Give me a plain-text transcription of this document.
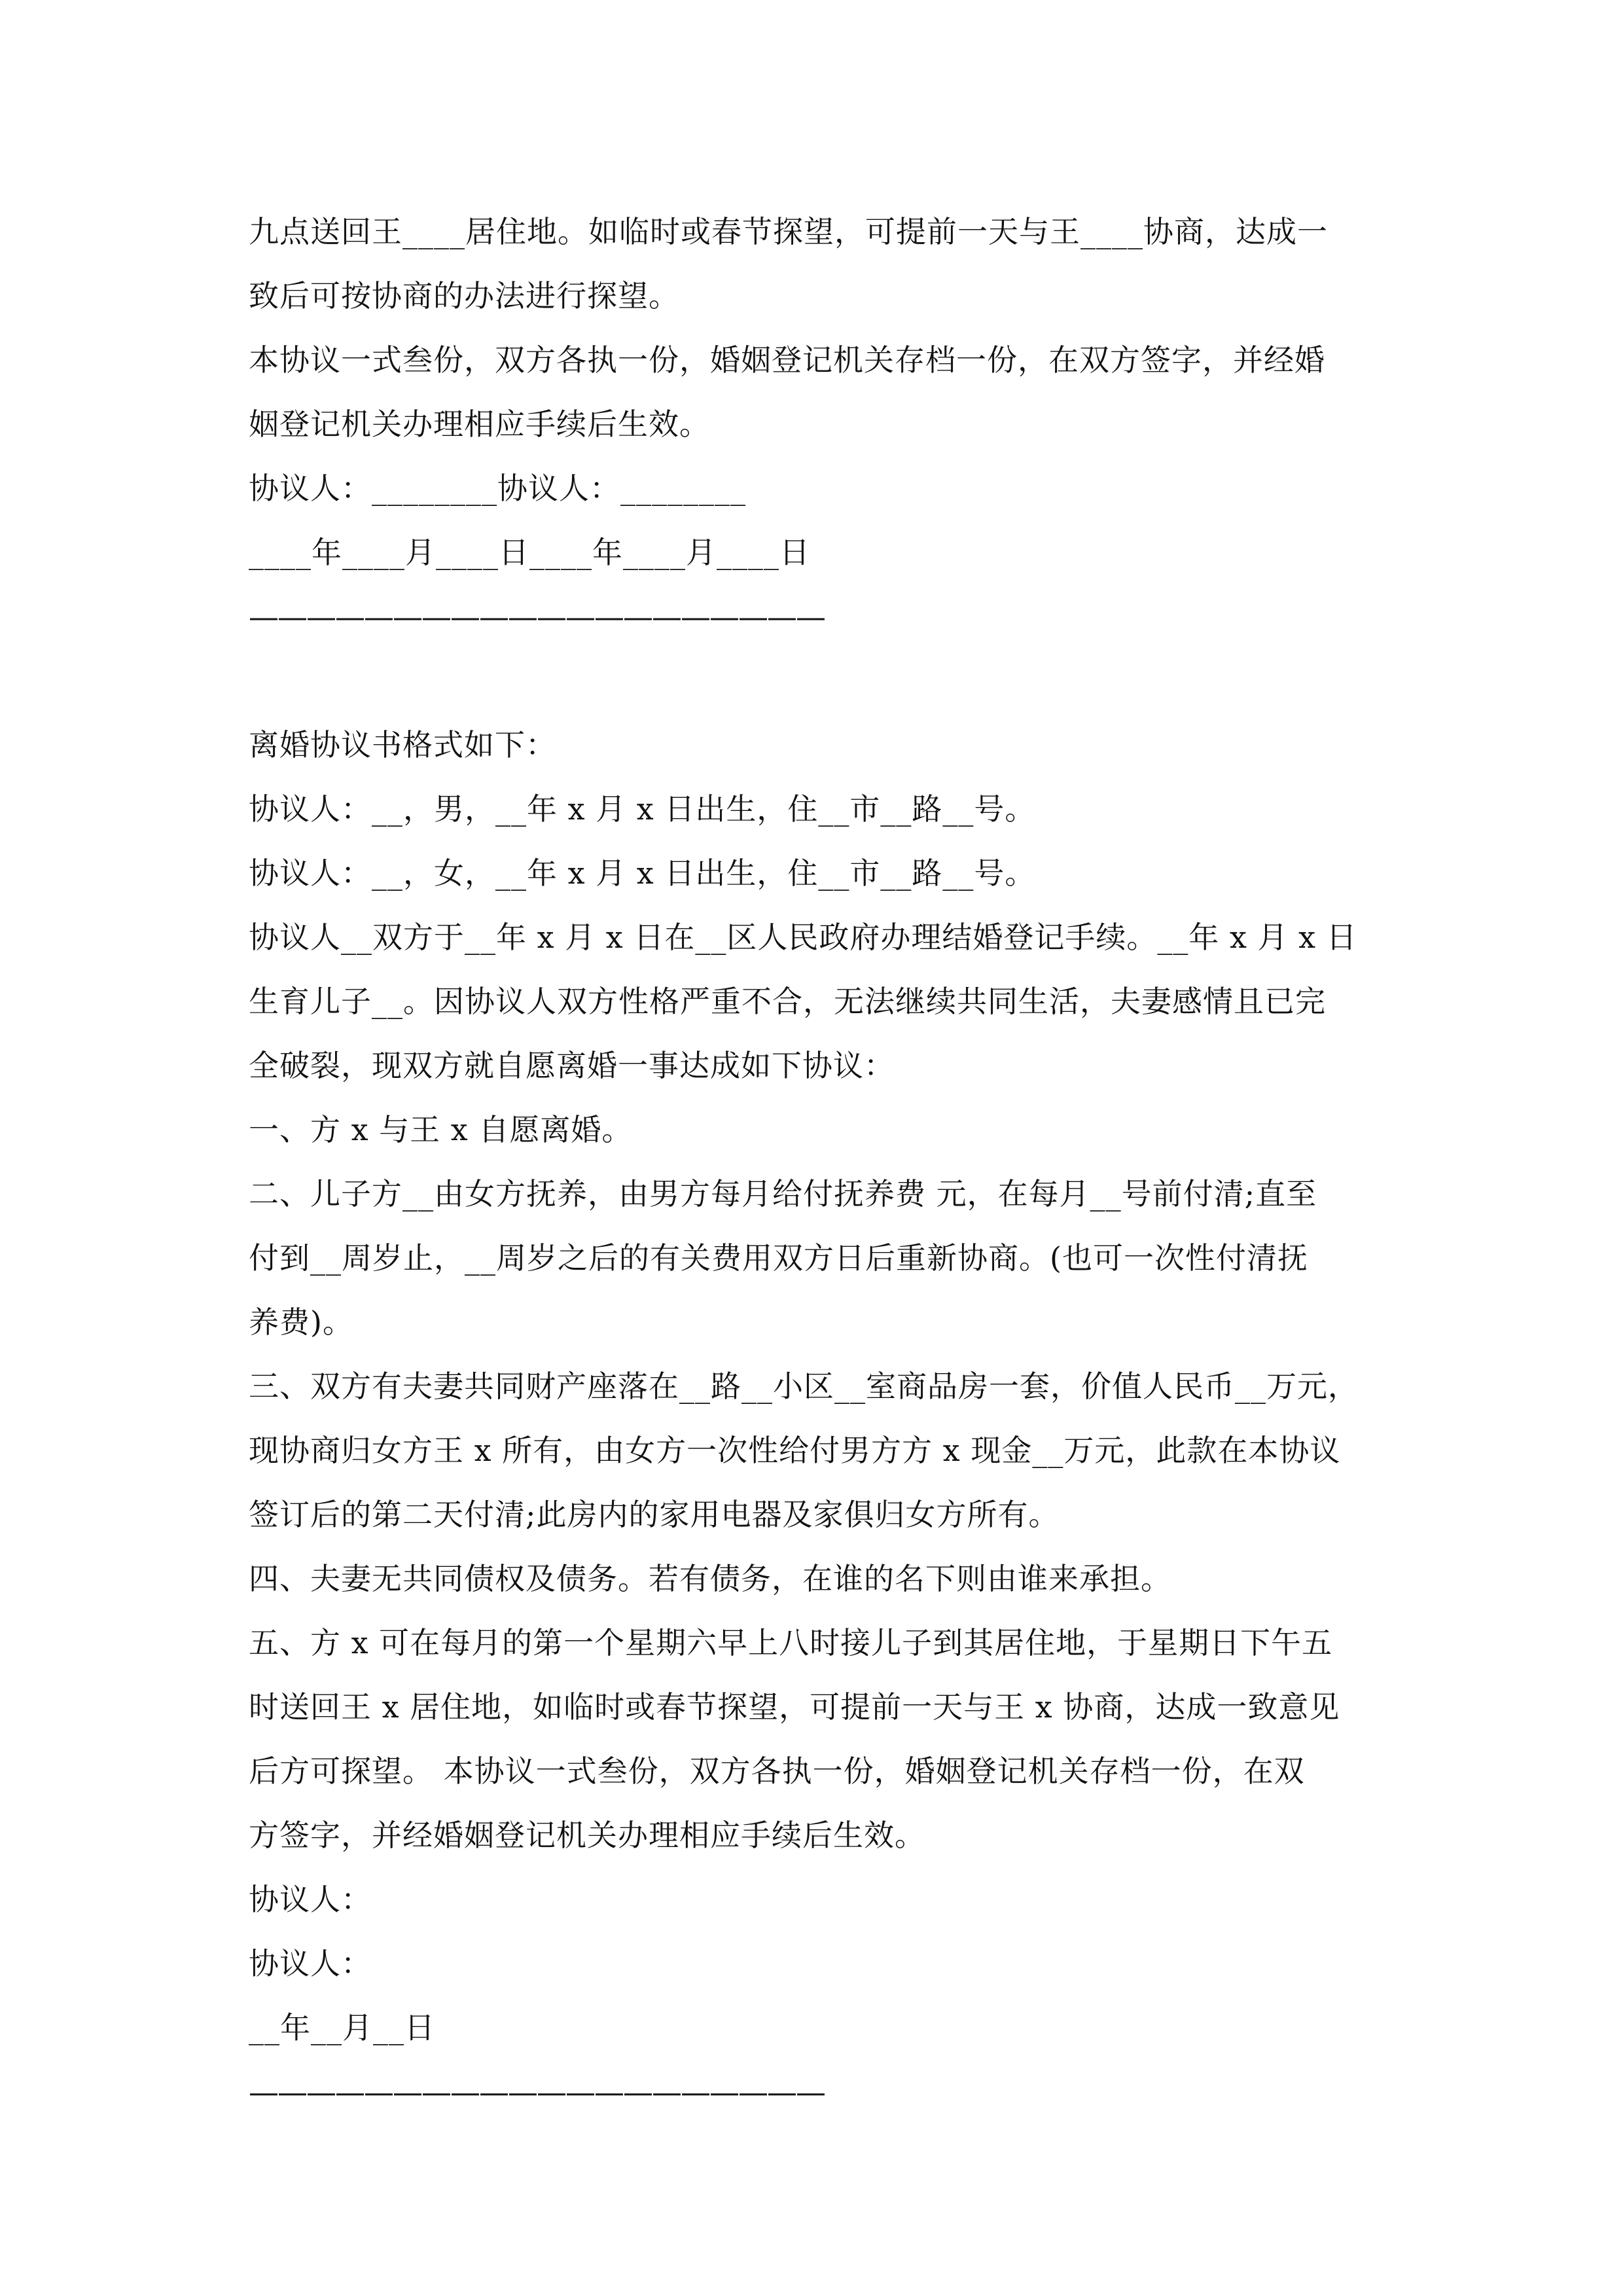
九点送回王____居住地。如临时或春节探望，可提前一天与王____协商，达成一
致后可按协商的办法进行探望。
本协议一式叁份，双方各执一份，婚姻登记机关存档一份，在双方签字，并经婚
姻登记机关办理相应手续后生效。
协议人：________协议人：________
____年____月____日____年____月____日
————————————————————
离婚协议书格式如下：
协议人：__，男，__年 x 月 x 日出生，住__市__路__号。
协议人：__，女，__年 x 月 x 日出生，住__市__路__号。
协议人__双方于__年 x 月 x 日在__区人民政府办理结婚登记手续。__年 x 月 x 日
生育儿子__。因协议人双方性格严重不合，无法继续共同生活，夫妻感情且已完
全破裂，现双方就自愿离婚一事达成如下协议：
一、方 x 与王 x 自愿离婚。
二、儿子方__由女方抚养，由男方每月给付抚养费 元，在每月__号前付清;直至
付到__周岁止，__周岁之后的有关费用双方日后重新协商。(也可一次性付清抚
养费)。
三、双方有夫妻共同财产座落在__路__小区__室商品房一套，价值人民币__万元，
现协商归女方王 x 所有，由女方一次性给付男方方 x 现金__万元，此款在本协议
签订后的第二天付清;此房内的家用电器及家俱归女方所有。
四、夫妻无共同债权及债务。若有债务，在谁的名下则由谁来承担。
五、方 x 可在每月的第一个星期六早上八时接儿子到其居住地，于星期日下午五
时送回王 x 居住地，如临时或春节探望，可提前一天与王 x 协商，达成一致意见
后方可探望。 本协议一式叁份，双方各执一份，婚姻登记机关存档一份，在双
方签字，并经婚姻登记机关办理相应手续后生效。
协议人：
协议人：
__年__月__日
————————————————————
